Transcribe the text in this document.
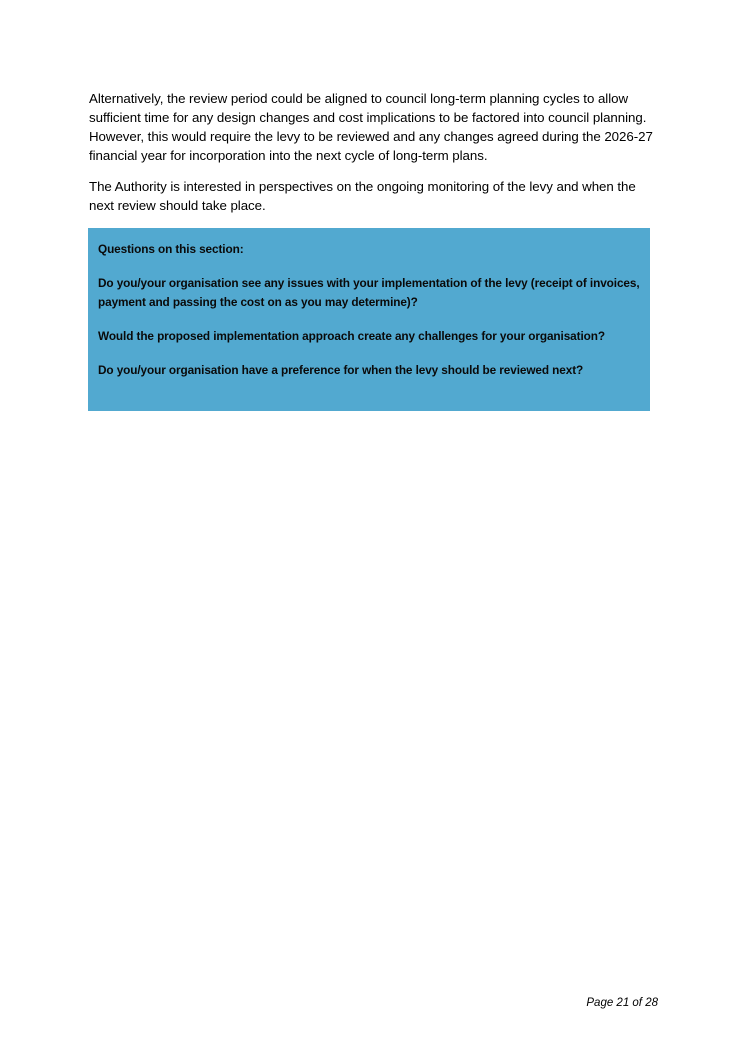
Alternatively, the review period could be aligned to council long-term planning cycles to allow sufficient time for any design changes and cost implications to be factored into council planning. However, this would require the levy to be reviewed and any changes agreed during the 2026-27 financial year for incorporation into the next cycle of long-term plans.

The Authority is interested in perspectives on the ongoing monitoring of the levy and when the next review should take place.

Questions on this section:

Do you/your organisation see any issues with your implementation of the levy (receipt of invoices, payment and passing the cost on as you may determine)?

Would the proposed implementation approach create any challenges for your organisation?

Do you/your organisation have a preference for when the levy should be reviewed next?

Page 21 of 28
